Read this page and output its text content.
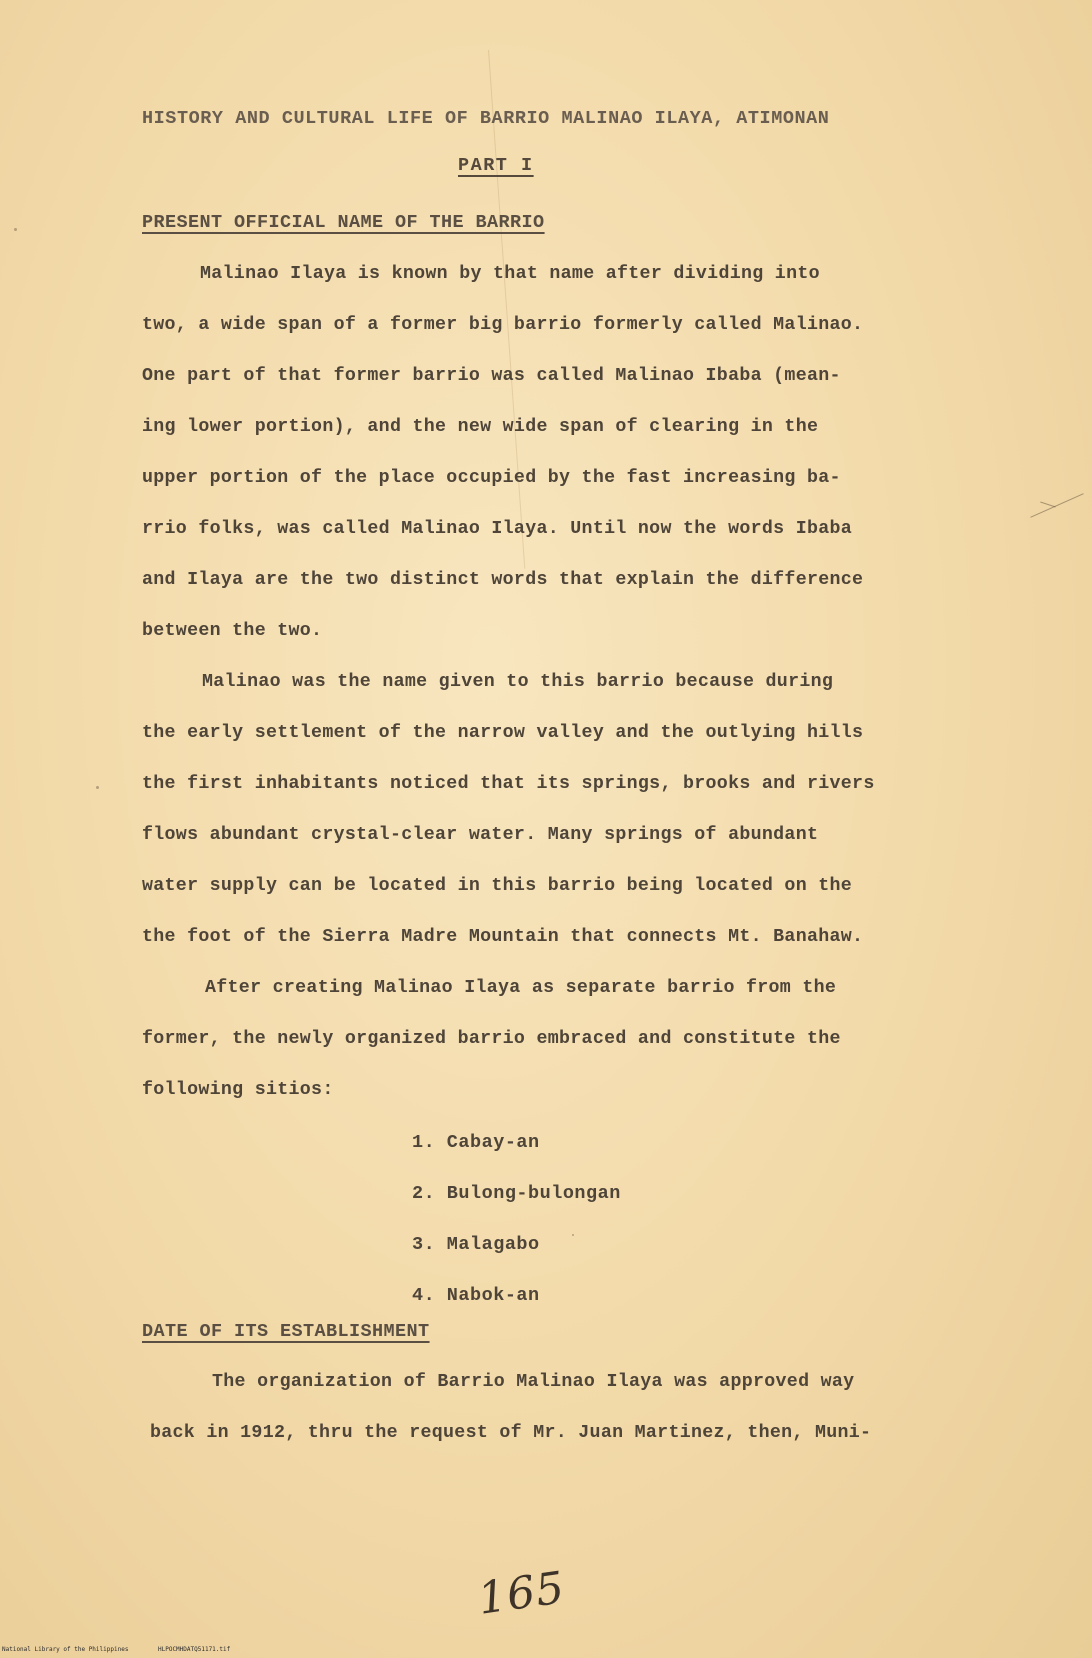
HISTORY AND CULTURAL LIFE OF BARRIO MALINAO ILAYA, ATIMONAN
PART I
PRESENT OFFICIAL NAME OF THE BARRIO
Malinao Ilaya is known by that name after dividing into
two, a wide span of a former big barrio formerly called Malinao.
One part of that former barrio was called Malinao Ibaba (mean-
ing lower portion), and the new wide span of clearing in the
upper portion of the place occupied by the fast increasing ba-
rrio folks, was called Malinao Ilaya. Until now the words Ibaba
and Ilaya are the two distinct words that explain the difference
between the two.
Malinao was the name given to this barrio because during
the early settlement of the narrow valley and the outlying hills
the first inhabitants noticed that its springs, brooks and rivers
flows abundant crystal-clear water. Many springs of abundant
water supply can be located in this barrio being located on the
the foot of the Sierra Madre Mountain that connects Mt. Banahaw.
After creating Malinao Ilaya as separate barrio from the
former, the newly organized barrio embraced and constitute the
following sitios:
1. Cabay-an
2. Bulong-bulongan
3. Malagabo
4. Nabok-an
DATE OF ITS ESTABLISHMENT
The organization of Barrio Malinao Ilaya was approved way
back in 1912, thru the request of Mr. Juan Martinez, then, Muni-
165
National Library of the Philippines	HLPOCMHDATQ51171.tif
